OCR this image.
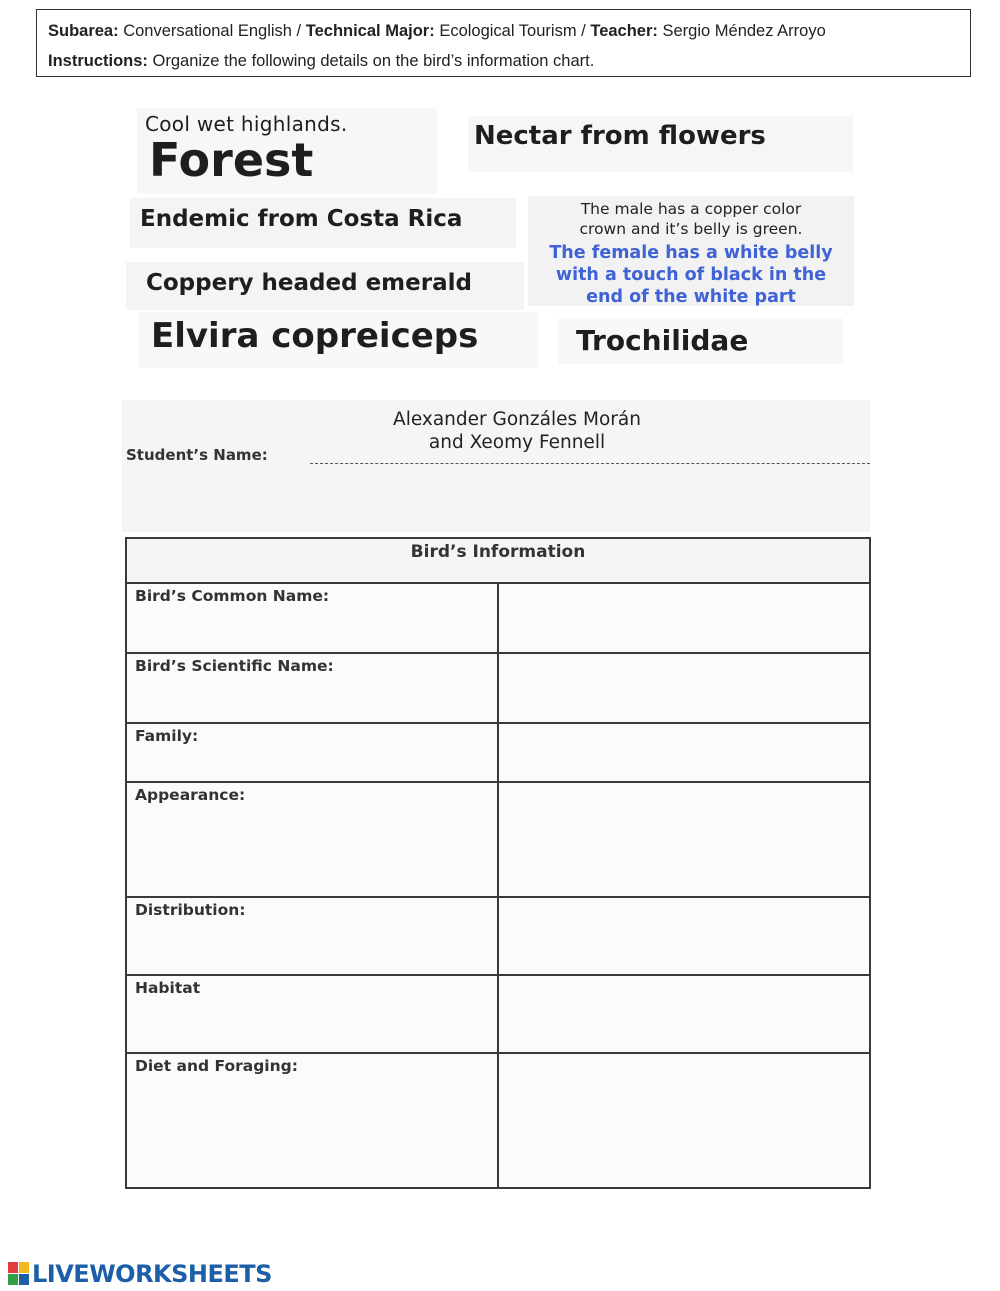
Subarea: Conversational English / Technical Major: Ecological Tourism / Teacher: Sergio Méndez Arroyo
Instructions: Organize the following details on the bird’s information chart.
Cool wet highlands.
Forest	Nectar from flowers
Endemic from Costa Rica	The male has a copper color
crown and it’s belly is green.
The female has a white belly
with a touch of black in the
end of the white part
Coppery headed emerald
Elvira copreiceps	Trochilidae
Alexander Gonzáles Morán
and Xeomy Fennell
Student’s Name:
Bird’s Information	
Bird’s Common Name:	
Bird’s Scientific Name:	
Family:	
Appearance:	
Distribution:	
Habitat	
Diet and Foraging:	
LIVEWORKSHEETS
